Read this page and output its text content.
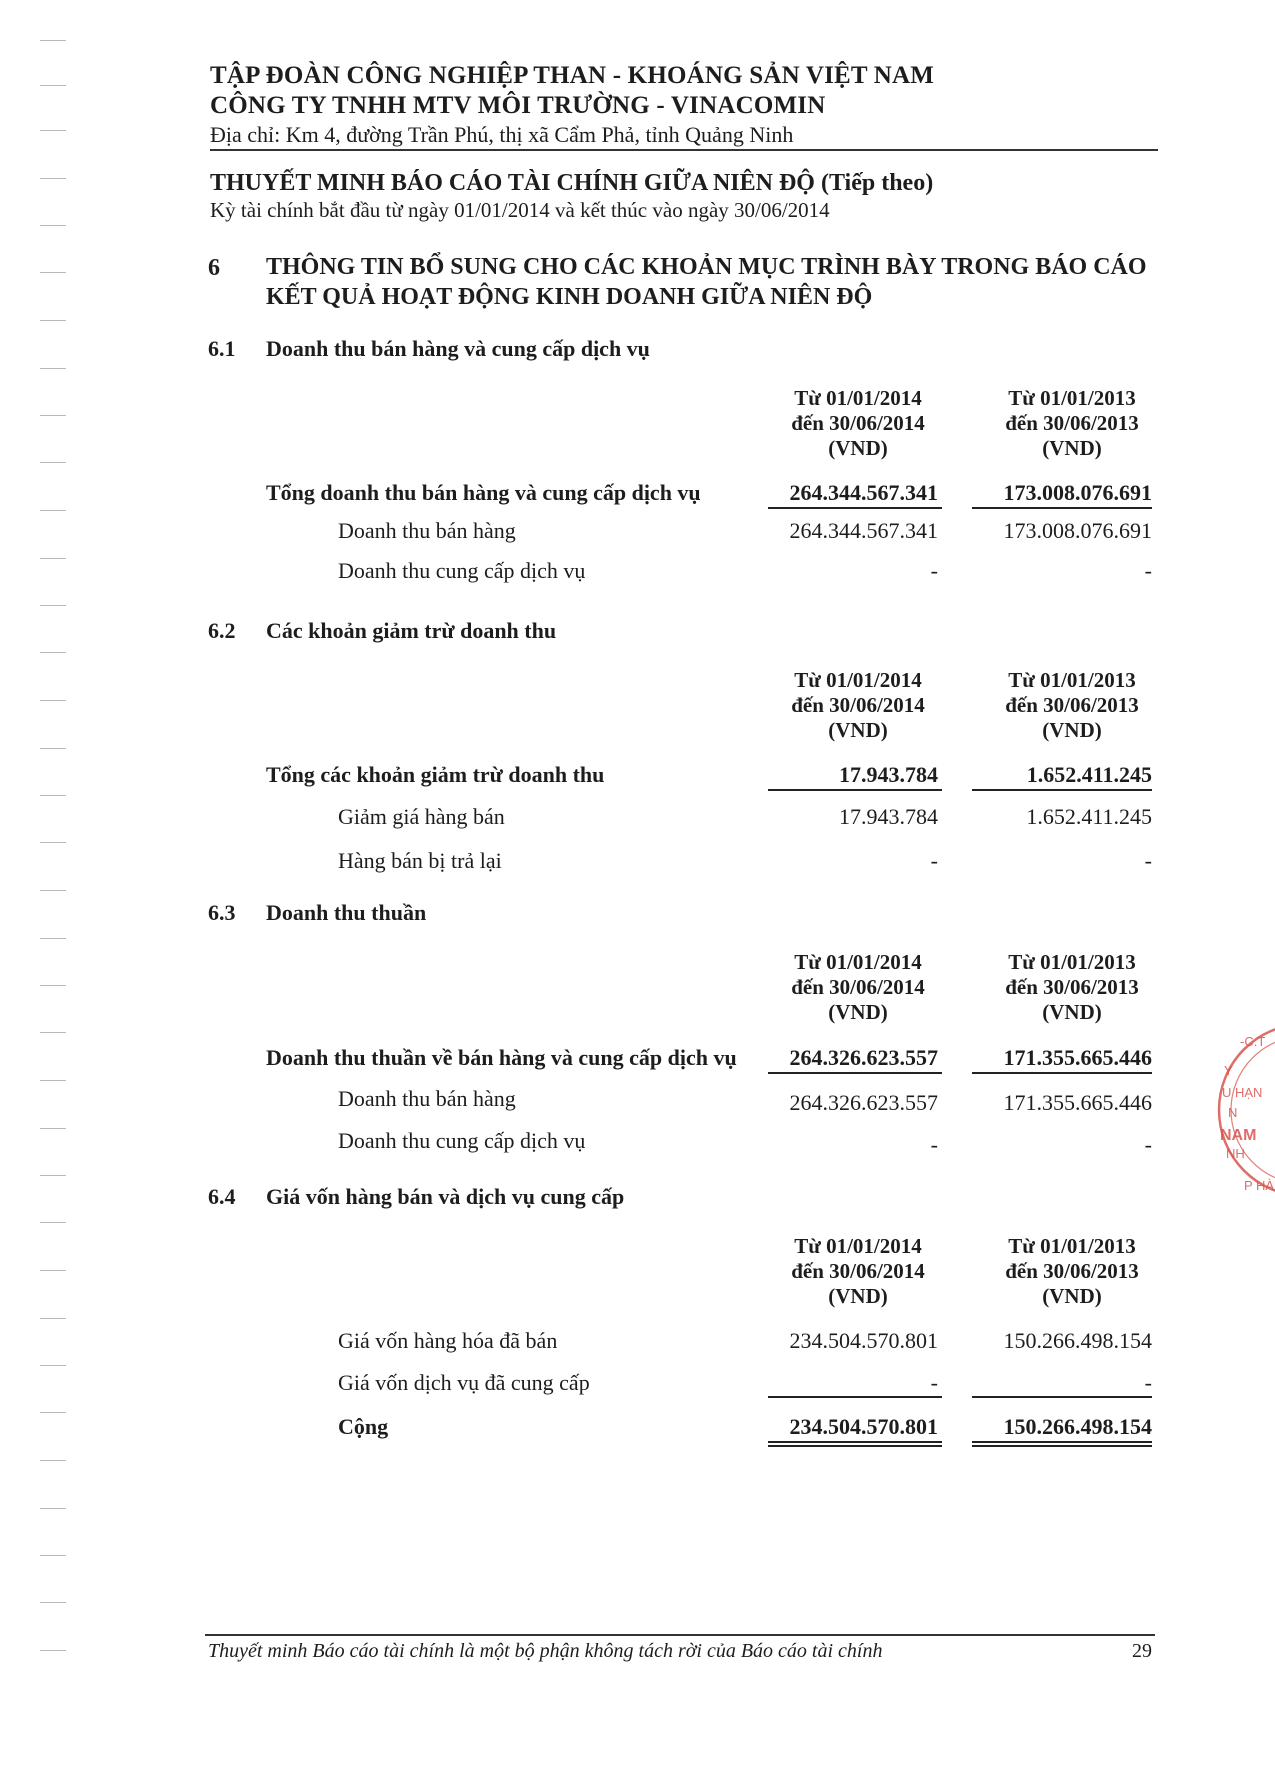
TẬP ĐOÀN CÔNG NGHIỆP THAN - KHOÁNG SẢN VIỆT NAM
CÔNG TY TNHH MTV MÔI TRƯỜNG - VINACOMIN
Địa chỉ: Km 4, đường Trần Phú, thị xã Cẩm Phả, tỉnh Quảng Ninh
THUYẾT MINH BÁO CÁO TÀI CHÍNH GIỮA NIÊN ĐỘ (Tiếp theo)
Kỳ tài chính bắt đầu từ ngày 01/01/2014 và kết thúc vào ngày 30/06/2014
6 THÔNG TIN BỔ SUNG CHO CÁC KHOẢN MỤC TRÌNH BÀY TRONG BÁO CÁO KẾT QUẢ HOẠT ĐỘNG KINH DOANH GIỮA NIÊN ĐỘ
6.1 Doanh thu bán hàng và cung cấp dịch vụ
Từ 01/01/2014
đến 30/06/2014
(VND)
Từ 01/01/2013
đến 30/06/2013
(VND)
Tổng doanh thu bán hàng và cung cấp dịch vụ	264.344.567.341	173.008.076.691
Doanh thu bán hàng	264.344.567.341	173.008.076.691
Doanh thu cung cấp dịch vụ	-	-
6.2 Các khoản giảm trừ doanh thu
Từ 01/01/2014
đến 30/06/2014
(VND)
Từ 01/01/2013
đến 30/06/2013
(VND)
Tổng các khoản giảm trừ doanh thu	17.943.784	1.652.411.245
Giảm giá hàng bán	17.943.784	1.652.411.245
Hàng bán bị trả lại	-	-
6.3 Doanh thu thuần
Từ 01/01/2014
đến 30/06/2014
(VND)
Từ 01/01/2013
đến 30/06/2013
(VND)
Doanh thu thuần về bán hàng và cung cấp dịch vụ	264.326.623.557	171.355.665.446
Doanh thu bán hàng	264.326.623.557	171.355.665.446
Doanh thu cung cấp dịch vụ	-	-
6.4 Giá vốn hàng bán và dịch vụ cung cấp
Từ 01/01/2014
đến 30/06/2014
(VND)
Từ 01/01/2013
đến 30/06/2013
(VND)
Giá vốn hàng hóa đã bán	234.504.570.801	150.266.498.154
Giá vốn dịch vụ đã cung cấp	-	-
Cộng	234.504.570.801	150.266.498.154
-C.T
Y
U HẠN
N
NAM
NH
P HÀ
Thuyết minh Báo cáo tài chính là một bộ phận không tách rời của Báo cáo tài chính	29
